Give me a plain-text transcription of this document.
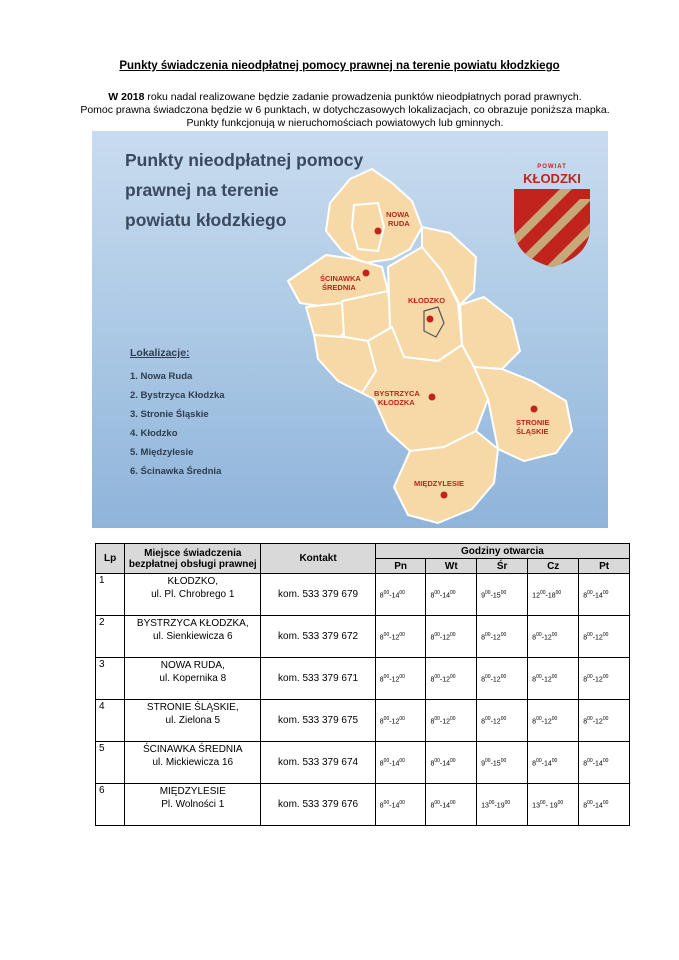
Punkty świadczenia nieodpłatnej pomocy prawnej na terenie powiatu kłodzkiego
W 2018 roku nadal realizowane będzie zadanie prowadzenia punktów nieodpłatnych porad prawnych.
Pomoc prawna świadczona będzie w 6 punktach, w dotychczasowych lokalizacjach, co obrazuje poniższa mapka.
Punkty funkcjonują w nieruchomościach powiatowych lub gminnych.
NOWA
RUDA
ŚCINAWKA
ŚREDNIA
KŁODZKO
BYSTRZYCA
KŁODZKA
STRONIE
ŚLĄSKIE
MIĘDZYLESIE
Punkty nieodpłatnej pomocy
prawnej na terenie
powiatu kłodzkiego
POWIAT
KŁODZKI
Lokalizacje:
1. Nowa Ruda
2. Bystrzyca Kłodzka
3. Stronie Śląskie
4. Kłodzko
5. Międzylesie
6. Ścinawka Średnia
Lp	Miejsce świadczenia
bezpłatnej obsługi prawnej	Kontakt	Godziny otwarcia				
			Pn	Wt	Śr	Cz	Pt
1	KŁODZKO,
ul. Pl. Chrobrego 1	kom. 533 379 679	$8^{00}-14^{00}$	$8^{00}-14^{00}$	$9^{00}-15^{00}$	$12^{00}-18^{00}$	$8^{00}-14^{00}$
2	BYSTRZYCA KŁODZKA,
ul. Sienkiewicza 6	kom. 533 379 672	$8^{00}-12^{00}$	$8^{00}-12^{00}$	$8^{00}-12^{00}$	$8^{00}-12^{00}$	$8^{00}-12^{00}$
3	NOWA RUDA,
ul. Kopernika 8	kom. 533 379 671	$8^{00}-12^{00}$	$8^{00}-12^{00}$	$8^{00}-12^{00}$	$8^{00}-12^{00}$	$8^{00}-12^{00}$
4	STRONIE ŚLĄSKIE,
ul. Zielona 5	kom. 533 379 675	$8^{00}-12^{00}$	$8^{00}-12^{00}$	$8^{00}-12^{00}$	$8^{00}-12^{00}$	$8^{00}-12^{00}$
5	ŚCINAWKA ŚREDNIA
ul. Mickiewicza 16	kom. 533 379 674	$8^{00}-14^{00}$	$8^{00}-14^{00}$	$9^{00}-15^{00}$	$8^{00}-14^{00}$	$8^{00}-14^{00}$
6	MIĘDZYLESIE
Pl. Wolności 1	kom. 533 379 676	$8^{00}-14^{00}$	$8^{00}-14^{00}$	$13^{00}-19^{00}$	$13^{00}-$ $19^{00}$	$8^{00}-14^{00}$
